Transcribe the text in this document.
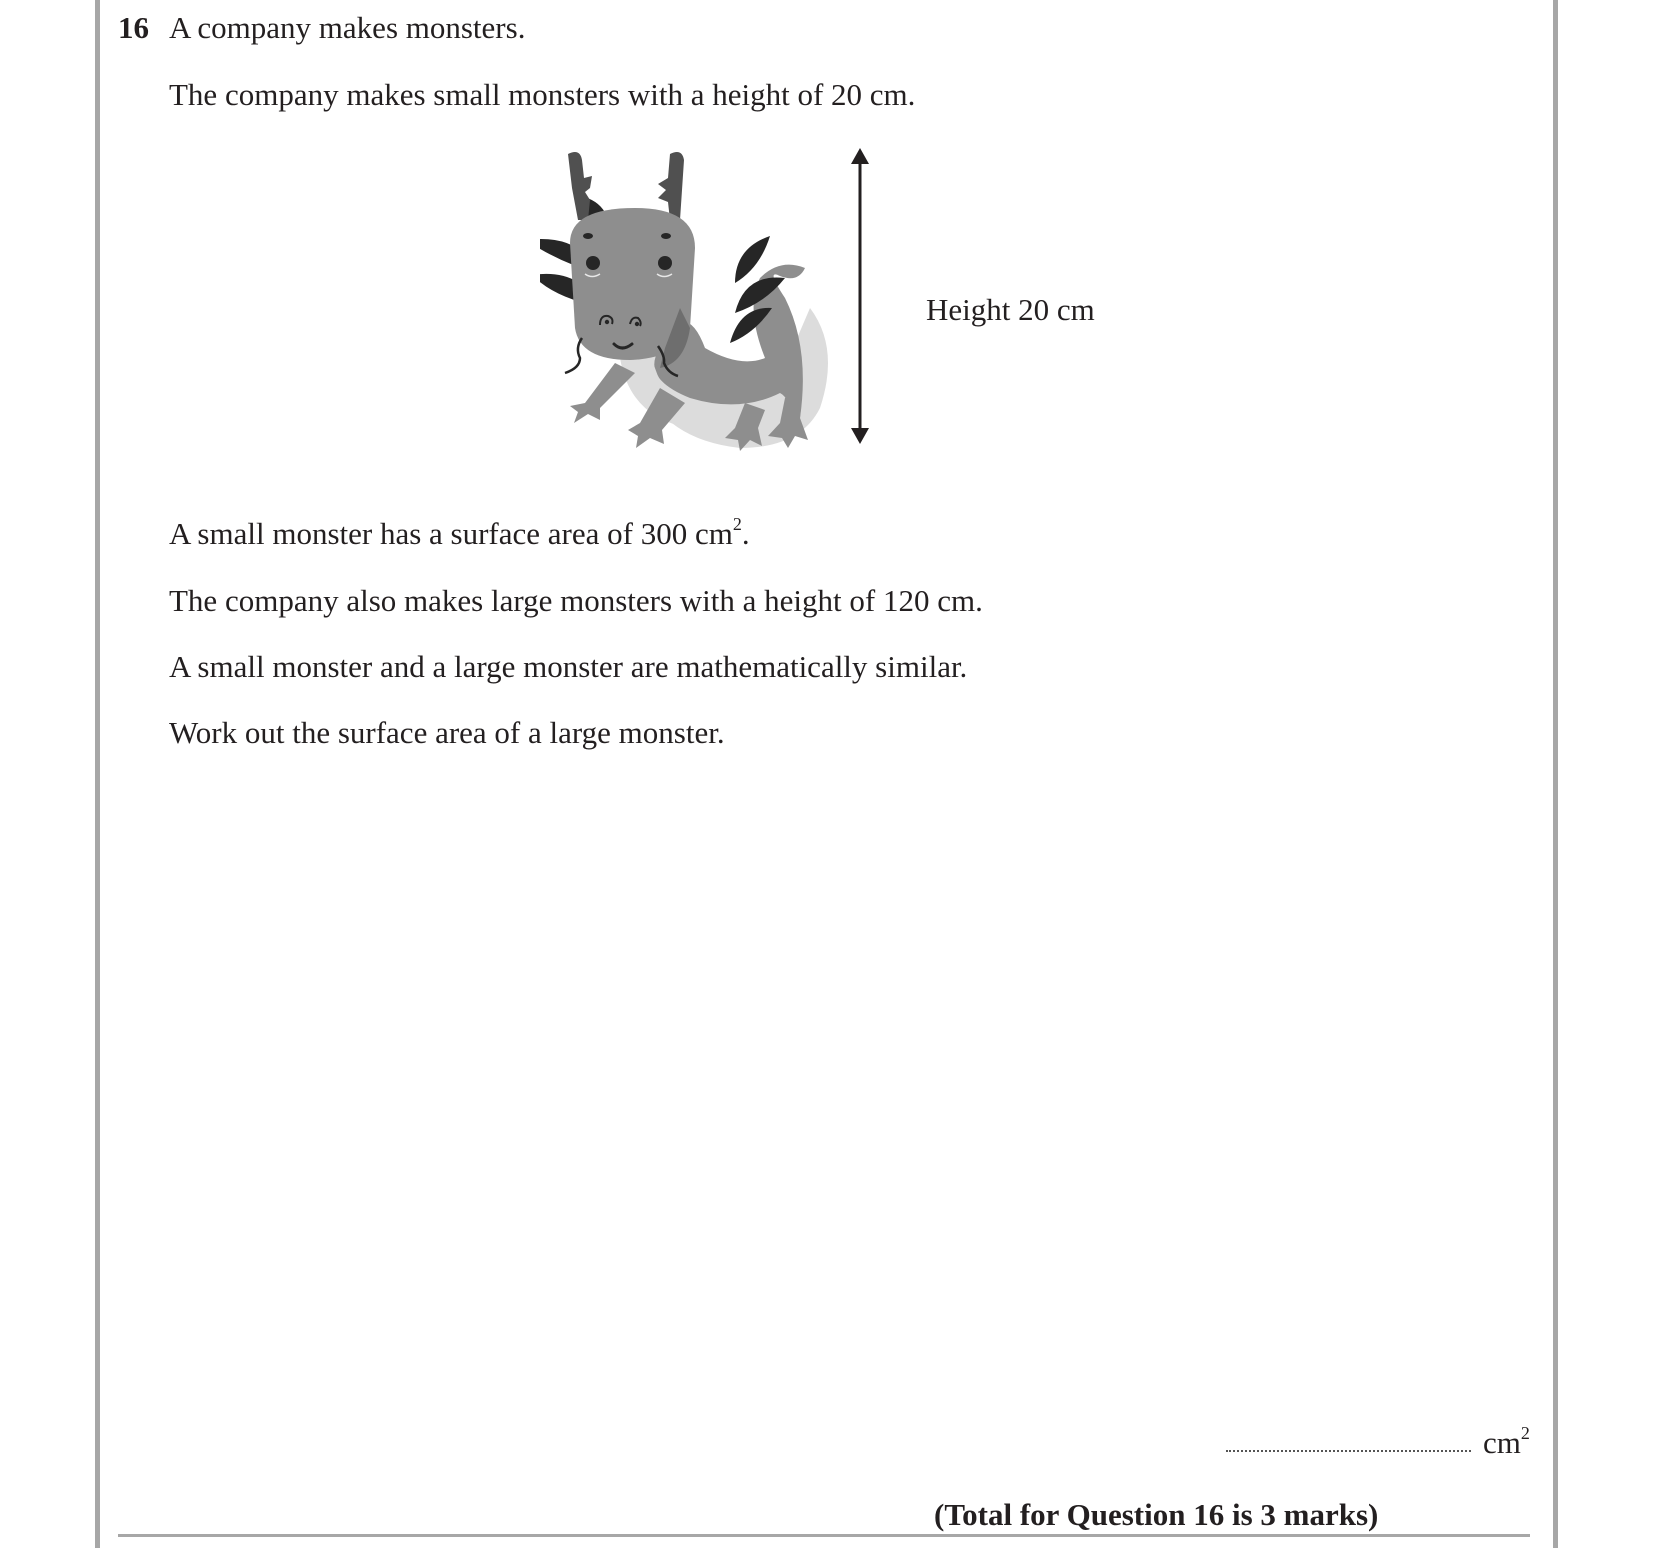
16 A company makes monsters.
The company makes small monsters with a height of 20 cm.
Height 20 cm
A small monster has a surface area of 300 $cm^2$.
The company also makes large monsters with a height of 120 cm.
A small monster and a large monster are mathematically similar.
Work out the surface area of a large monster.
$cm^2$
(Total for Question 16 is 3 marks)
